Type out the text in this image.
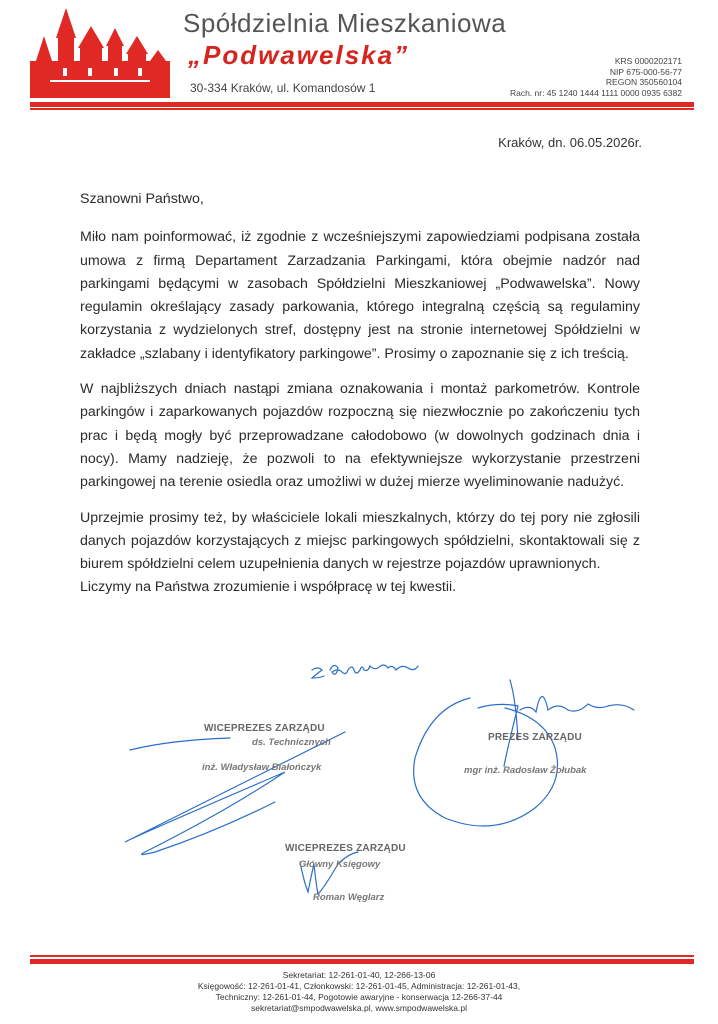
Spółdzielnia Mieszkaniowa
„Podwawelska”
30-334 Kraków, ul. Komandosów 1
KRS 0000202171
NIP 675-000-56-77
REGON 350560104
Rach. nr: 45 1240 1444 1111 0000 0935 6382
Kraków, dn. 06.05.2026r.

Szanowni Państwo,

Miło nam poinformować, iż zgodnie z wcześniejszymi zapowiedziami podpisana została umowa z firmą Departament Zarzadzania Parkingami, która obejmie nadzór nad parkingami będącymi w zasobach Spółdzielni Mieszkaniowej „Podwawelska”. Nowy regulamin określający zasady parkowania, którego integralną częścią są regulaminy korzystania z wydzielonych stref, dostępny jest na stronie internetowej Spółdzielni w zakładce „szlabany i identyfikatory parkingowe”. Prosimy o zapoznanie się z ich treścią.

W najbliższych dniach nastąpi zmiana oznakowania i montaż parkometrów. Kontrole parkingów i zaparkowanych pojazdów rozpoczną się niezwłocznie po zakończeniu tych prac i będą mogły być przeprowadzane całodobowo (w dowolnych godzinach dnia i nocy). Mamy nadzieję, że pozwoli to na efektywniejsze wykorzystanie przestrzeni parkingowej na terenie osiedla oraz umożliwi w dużej mierze wyeliminowanie nadużyć.

Uprzejmie prosimy też, by właściciele lokali mieszkalnych, którzy do tej pory nie zgłosili danych pojazdów korzystających z miejsc parkingowych spółdzielni, skontaktowali się z biurem spółdzielni celem uzupełnienia danych w rejestrze pojazdów uprawnionych.

Liczymy na Państwa zrozumienie i współpracę w tej kwestii.

WICEPREZES ZARZĄDU
ds. Technicznych
inż. Władysław Białończyk
PREZES ZARZĄDU
mgr inż. Radosław Żołubak
WICEPREZES ZARZĄDU
Główny Księgowy
Roman Węglarz
Sekretariat: 12-261-01-40, 12-266-13-06
Księgowość: 12-261-01-41, Członkowski: 12-261-01-45, Administracja: 12-261-01-43,
Techniczny: 12-261-01-44, Pogotowie awaryjne - konserwacja 12-266-37-44
sekretariat@smpodwawelska.pl, www.smpodwawelska.pl
